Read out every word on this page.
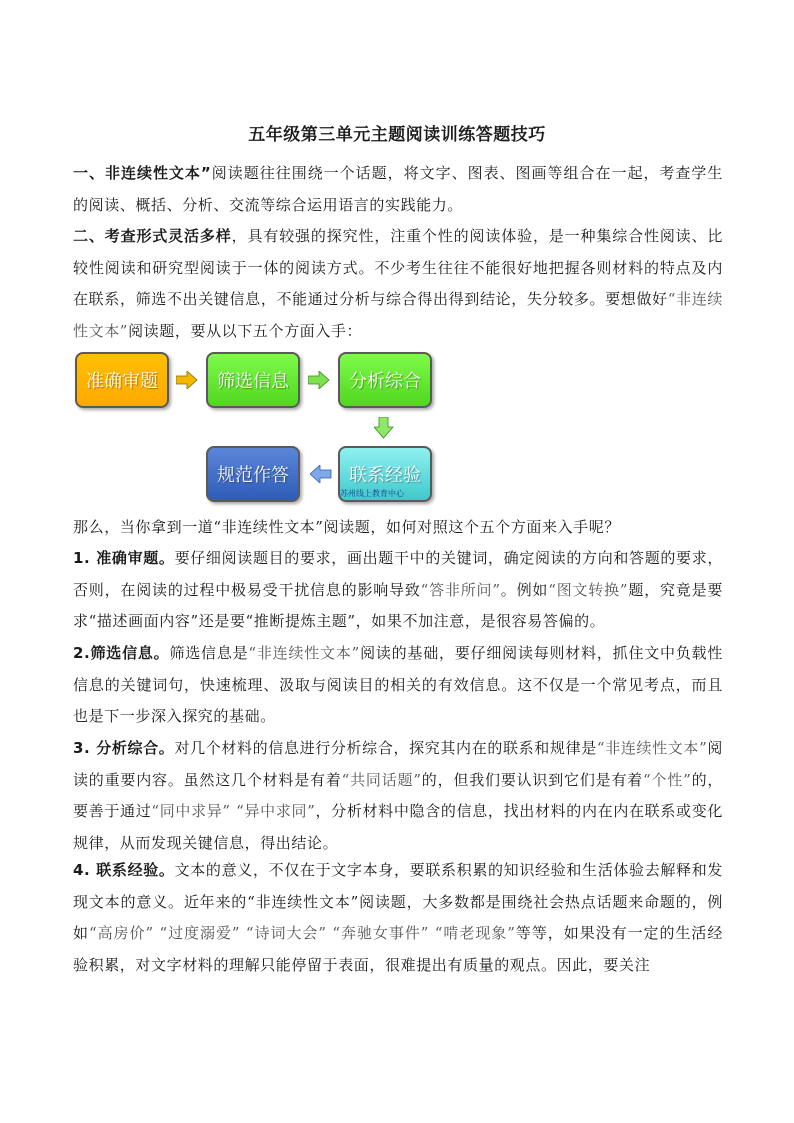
五年级第三单元主题阅读训练答题技巧
一、非连续性文本”阅读题往往围绕一个话题，将文字、图表、图画等组合在一起，考查学生的阅读、概括、分析、交流等综合运用语言的实践能力。
二、考查形式灵活多样，具有较强的探究性，注重个性的阅读体验，是一种集综合性阅读、比较性阅读和研究型阅读于一体的阅读方式。不少考生往往不能很好地把握各则材料的特点及内在联系，筛选不出关键信息，不能通过分析与综合得出得到结论，失分较多。要想做好“非连续性文本”阅读题，要从以下五个方面入手：
准确审题	筛选信息	分析综合
联系经验
规范作答
苏州线上教育中心
那么，当你拿到一道“非连续性文本”阅读题，如何对照这个五个方面来入手呢？
1. 准确审题。要仔细阅读题目的要求，画出题干中的关键词，确定阅读的方向和答题的要求，否则，在阅读的过程中极易受干扰信息的影响导致“答非所问”。例如“图文转换”题，究竟是要求“描述画面内容”还是要“推断提炼主题”，如果不加注意，是很容易答偏的。
2.筛选信息。筛选信息是“非连续性文本”阅读的基础，要仔细阅读每则材料，抓住文中负载性信息的关键词句，快速梳理、汲取与阅读目的相关的有效信息。这不仅是一个常见考点，而且也是下一步深入探究的基础。
3. 分析综合。对几个材料的信息进行分析综合，探究其内在的联系和规律是“非连续性文本”阅读的重要内容。虽然这几个材料是有着“共同话题”的，但我们要认识到它们是有着“个性”的，要善于通过“同中求异” “异中求同”，分析材料中隐含的信息，找出材料的内在内在联系或变化规律，从而发现关键信息，得出结论。
4. 联系经验。文本的意义，不仅在于文字本身，要联系积累的知识经验和生活体验去解释和发现文本的意义。近年来的“非连续性文本”阅读题，大多数都是围绕社会热点话题来命题的，例如“高房价” “过度溺爱” “诗词大会” “奔驰女事件” “啃老现象”等等，如果没有一定的生活经验积累，对文字材料的理解只能停留于表面，很难提出有质量的观点。因此，要关注
